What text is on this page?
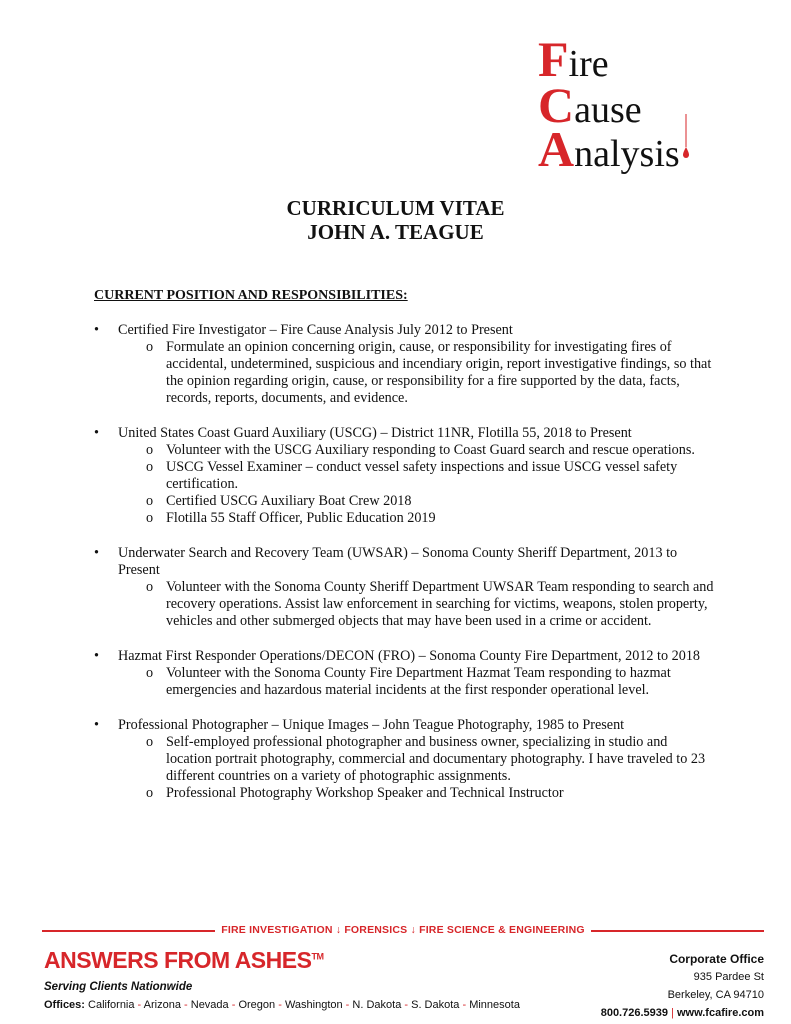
Fire
Cause
Analysis
CURRICULUM VITAE
JOHN A. TEAGUE
CURRENT POSITION AND RESPONSIBILITIES:
• Certified Fire Investigator – Fire Cause Analysis July 2012 to Present
o Formulate an opinion concerning origin, cause, or responsibility for investigating fires of accidental, undetermined, suspicious and incendiary origin, report investigative findings, so that the opinion regarding origin, cause, or responsibility for a fire supported by the data, facts, records, reports, documents, and evidence.
• United States Coast Guard Auxiliary (USCG) – District 11NR, Flotilla 55, 2018 to Present
o Volunteer with the USCG Auxiliary responding to Coast Guard search and rescue operations.
o USCG Vessel Examiner – conduct vessel safety inspections and issue USCG vessel safety certification.
o Certified USCG Auxiliary Boat Crew 2018
o Flotilla 55 Staff Officer, Public Education 2019
• Underwater Search and Recovery Team (UWSAR) – Sonoma County Sheriff Department, 2013 to Present
o Volunteer with the Sonoma County Sheriff Department UWSAR Team responding to search and recovery operations. Assist law enforcement in searching for victims, weapons, stolen property, vehicles and other submerged objects that may have been used in a crime or accident.
• Hazmat First Responder Operations/DECON (FRO) – Sonoma County Fire Department, 2012 to 2018
o Volunteer with the Sonoma County Fire Department Hazmat Team responding to hazmat emergencies and hazardous material incidents at the first responder operational level.
• Professional Photographer – Unique Images – John Teague Photography, 1985 to Present
o Self-employed professional photographer and business owner, specializing in studio and location portrait photography, commercial and documentary photography. I have traveled to 23 different countries on a variety of photographic assignments.
o Professional Photography Workshop Speaker and Technical Instructor
FIRE INVESTIGATION ↓ FORENSICS ↓ FIRE SCIENCE & ENGINEERING
ANSWERS FROM ASHES™
Serving Clients Nationwide
Offices: California - Arizona - Nevada - Oregon - Washington - N. Dakota - S. Dakota - Minnesota
Corporate Office
935 Pardee St
Berkeley, CA 94710
800.726.5939 | www.fcafire.com
